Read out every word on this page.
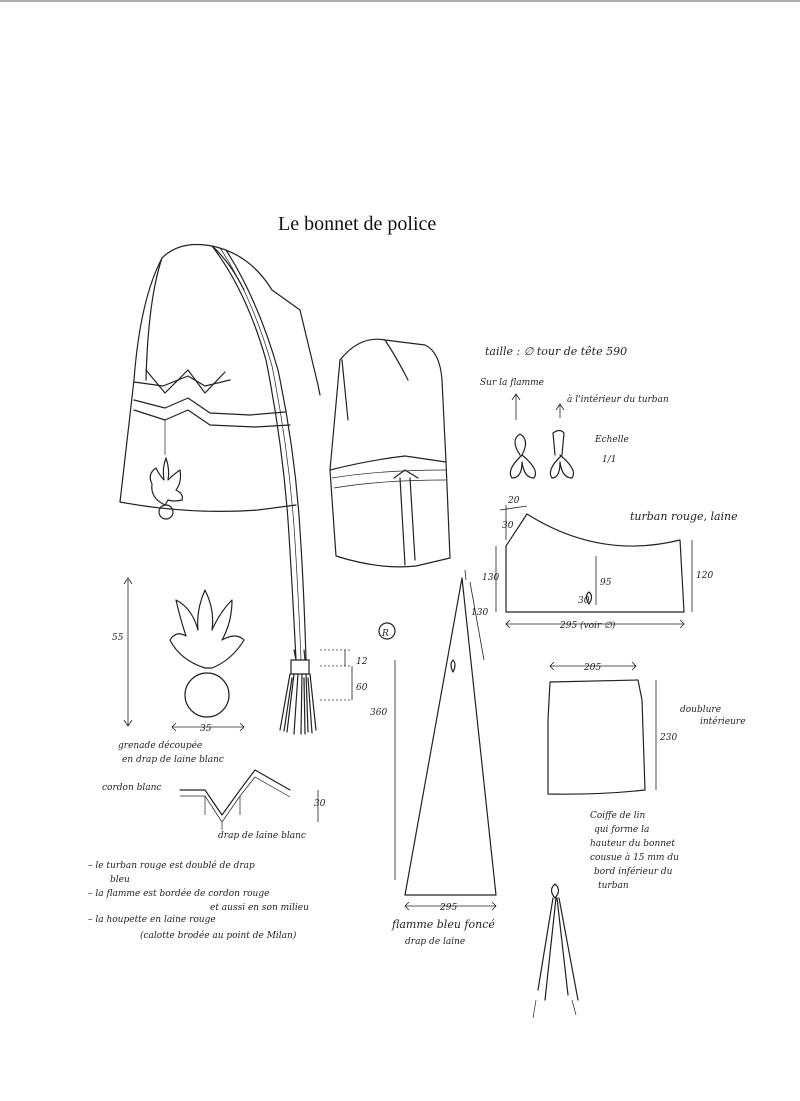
Le bonnet de police
12
60
R
taille : ∅ tour de tête 590
Sur la flamme
à l'intérieur du turban
Echelle
1/1
20
30
130	95
30
120
295 (voir ∅)
turban rouge, laine
205
230
doublure
intérieure
Coiffe de lin
qui forme la
hauteur du bonnet
cousue à 15 mm du
bord inférieur du
turban
130
360
295
flamme bleu foncé
drap de laine
55
35
grenade découpée
en drap de laine blanc
30
cordon blanc
drap de laine blanc
– le turban rouge est doublé de drap
bleu
– la flamme est bordée de cordon rouge
et aussi en son milieu
– la houpette en laine rouge
(calotte brodée au point de Milan)
